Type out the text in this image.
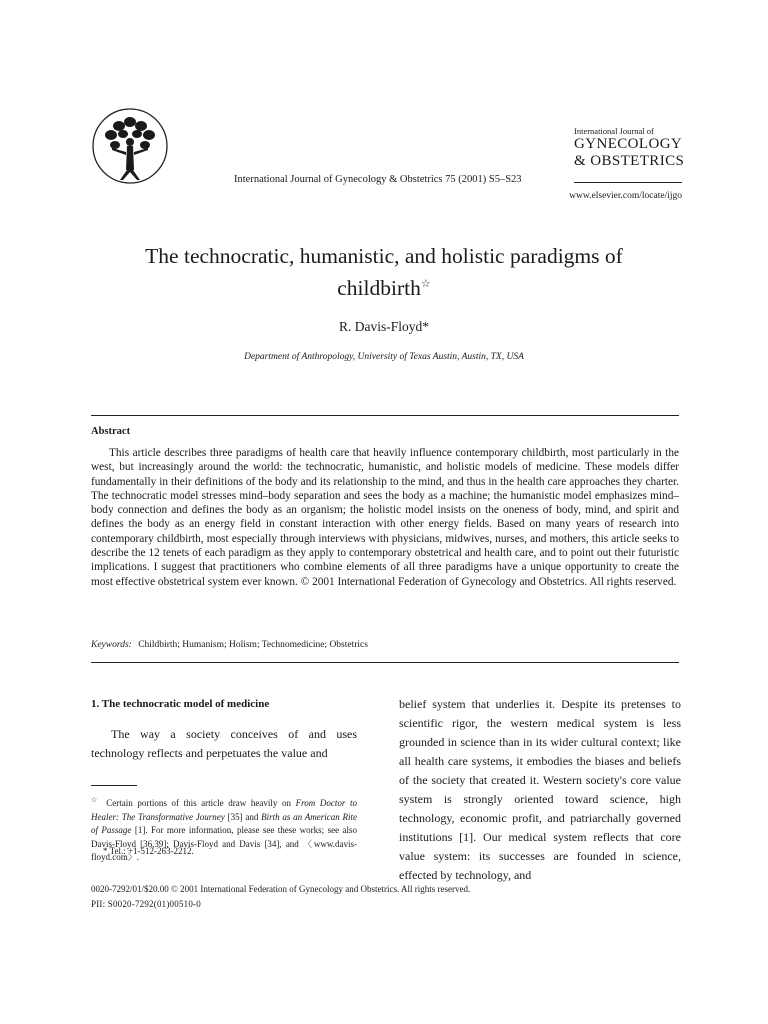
International Journal of Gynecology & Obstetrics 75 (2001) S5–S23
International Journal of
GYNECOLOGY
& OBSTETRICS
www.elsevier.com/locate/ijgo
The technocratic, humanistic, and holistic paradigms of
childbirth☆
R. Davis-Floyd*
Department of Anthropology, University of Texas Austin, Austin, TX, USA
Abstract
This article describes three paradigms of health care that heavily influence contemporary childbirth, most particularly in the west, but increasingly around the world: the technocratic, humanistic, and holistic models of medicine. These models differ fundamentally in their definitions of the body and its relationship to the mind, and thus in the health care approaches they charter. The technocratic model stresses mind–body separation and sees the body as a machine; the humanistic model emphasizes mind–body connection and defines the body as an organism; the holistic model insists on the oneness of body, mind, and spirit and defines the body as an energy field in constant interaction with other energy fields. Based on many years of research into contemporary childbirth, most especially through interviews with physicians, midwives, nurses, and mothers, this article seeks to describe the 12 tenets of each paradigm as they apply to contemporary obstetrical and health care, and to point out their futuristic implications. I suggest that practitioners who combine elements of all three paradigms have a unique opportunity to create the most effective obstetrical system ever known. © 2001 International Federation of Gynecology and Obstetrics. All rights reserved.
Keywords: Childbirth; Humanism; Holism; Technomedicine; Obstetrics
1. The technocratic model of medicine
The way a society conceives of and uses technology reflects and perpetuates the value and
belief system that underlies it. Despite its pretenses to scientific rigor, the western medical system is less grounded in science than in its wider cultural context; like all health care systems, it embodies the biases and beliefs of the society that created it. Western society's core value system is strongly oriented toward science, high technology, economic profit, and patriarchally governed institutions [1]. Our medical system reflects that core value system: its successes are founded in science, effected by technology, and
☆ Certain portions of this article draw heavily on From Doctor to Healer: The Transformative Journey [35] and Birth as an American Rite of Passage [1]. For more information, please see these works; see also Davis-Floyd [36,39]; Davis-Floyd and Davis [34], and 〈www.davis-floyd.com〉.
* Tel.: +1-512-263-2212.
0020-7292/01/$20.00 © 2001 International Federation of Gynecology and Obstetrics. All rights reserved.
PII: S0020-7292(01)00510-0
